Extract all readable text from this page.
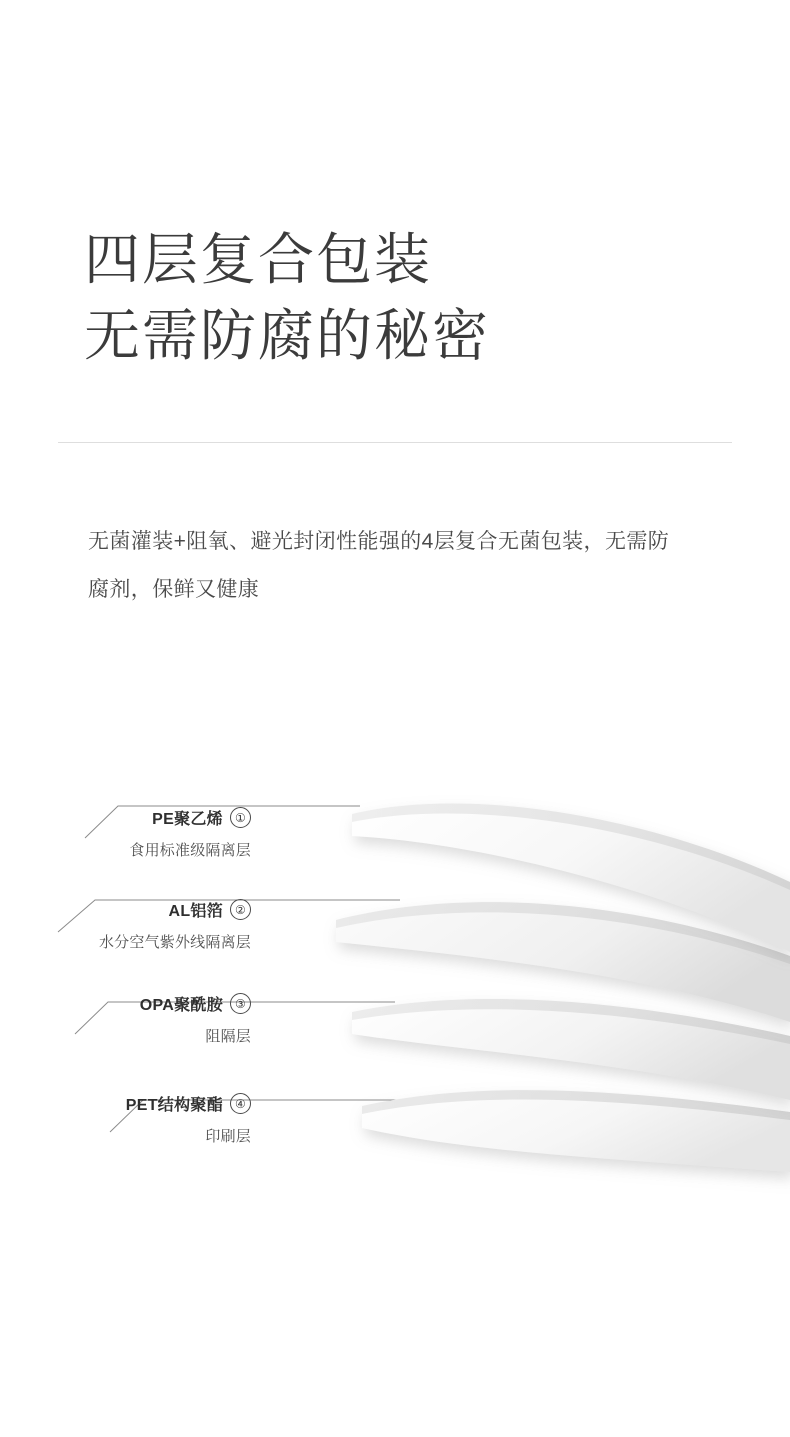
四层复合包装
无需防腐的秘密
无菌灌装+阻氧、避光封闭性能强的4层复合无菌包装，无需防腐剂，保鲜又健康
PE聚乙烯 ①
食用标准级隔离层
AL铝箔 ②
水分空气紫外线隔离层
OPA聚酰胺 ③
阻隔层
PET结构聚酯 ④
印刷层
